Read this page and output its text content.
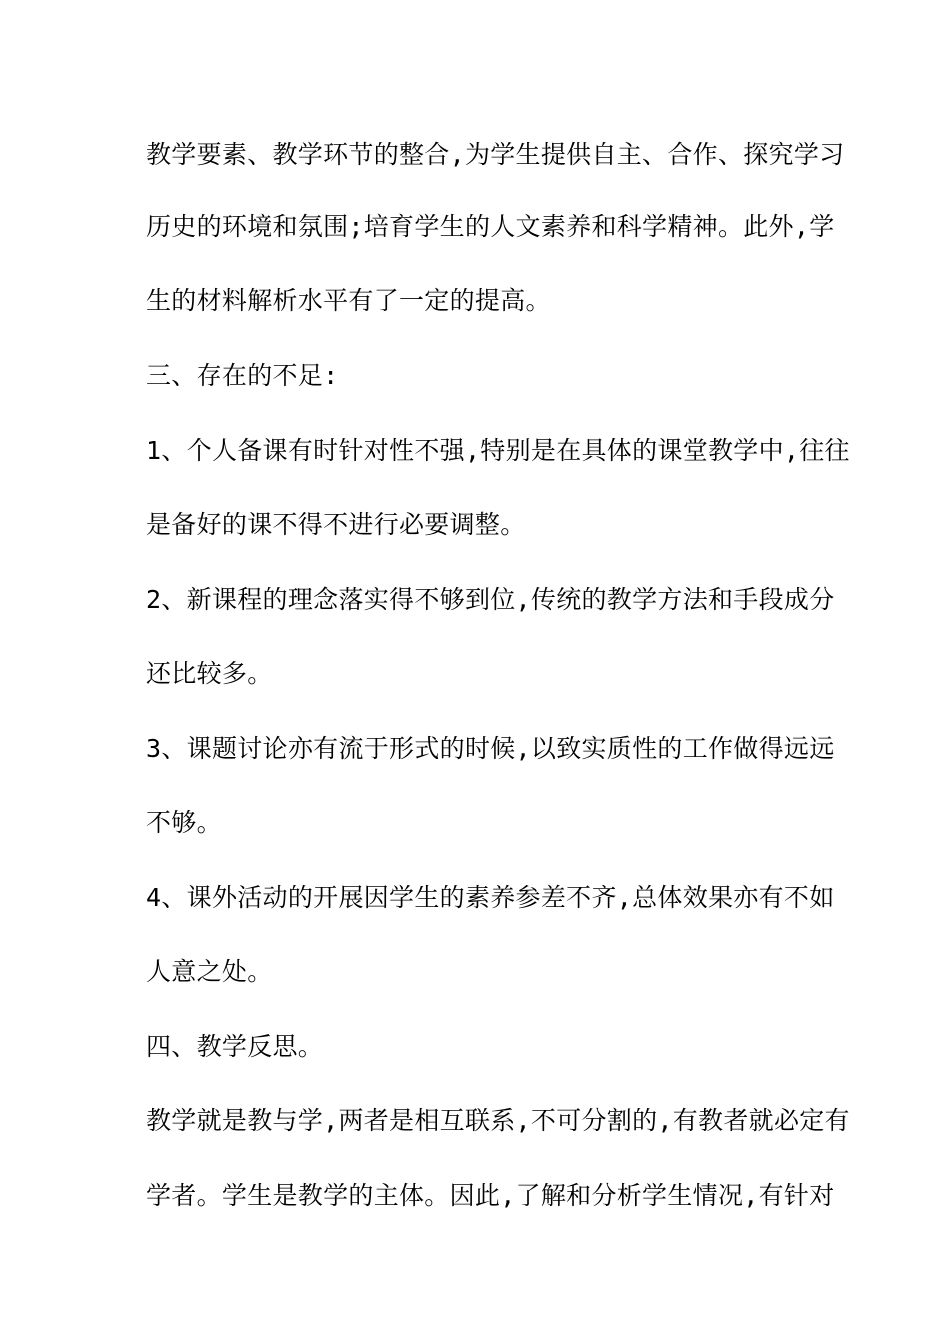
教学要素、教学环节的整合,为学生提供自主、合作、探究学习
历史的环境和氛围;培育学生的人文素养和科学精神。此外,学
生的材料解析水平有了一定的提高。
三、存在的不足:
1、个人备课有时针对性不强,特别是在具体的课堂教学中,往往
是备好的课不得不进行必要调整。
2、新课程的理念落实得不够到位,传统的教学方法和手段成分
还比较多。
3、课题讨论亦有流于形式的时候,以致实质性的工作做得远远
不够。
4、课外活动的开展因学生的素养参差不齐,总体效果亦有不如
人意之处。
四、教学反思。
教学就是教与学,两者是相互联系,不可分割的,有教者就必定有
学者。学生是教学的主体。因此,了解和分析学生情况,有针对
